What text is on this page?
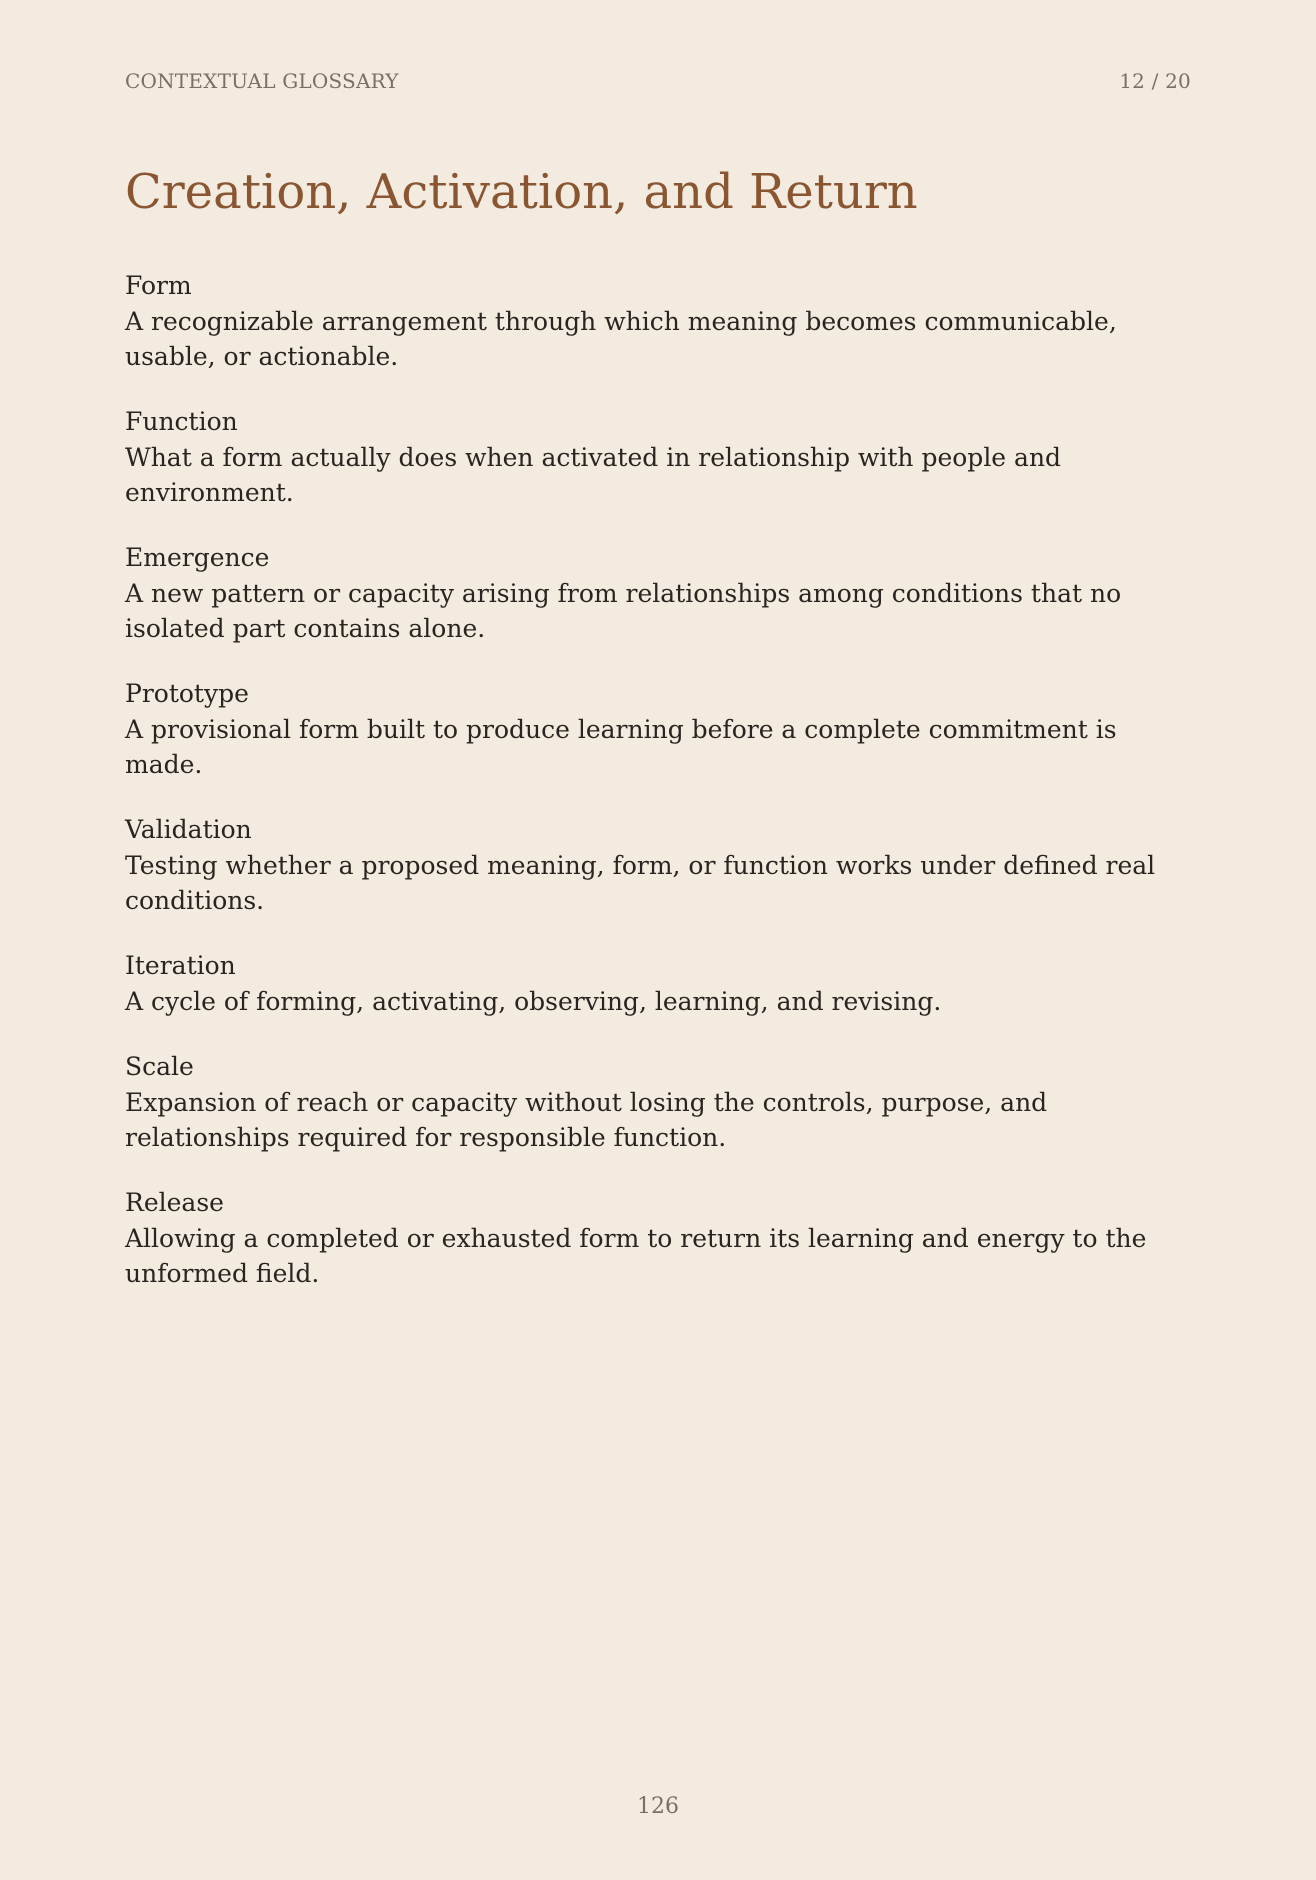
CONTEXTUAL GLOSSARY	12 / 20
Creation, Activation, and Return
Form
A recognizable arrangement through which meaning becomes communicable, usable, or actionable.
Function
What a form actually does when activated in relationship with people and environment.
Emergence
A new pattern or capacity arising from relationships among conditions that no isolated part contains alone.
Prototype
A provisional form built to produce learning before a complete commitment is made.
Validation
Testing whether a proposed meaning, form, or function works under defined real conditions.
Iteration
A cycle of forming, activating, observing, learning, and revising.
Scale
Expansion of reach or capacity without losing the controls, purpose, and relationships required for responsible function.
Release
Allowing a completed or exhausted form to return its learning and energy to the unformed field.
126
